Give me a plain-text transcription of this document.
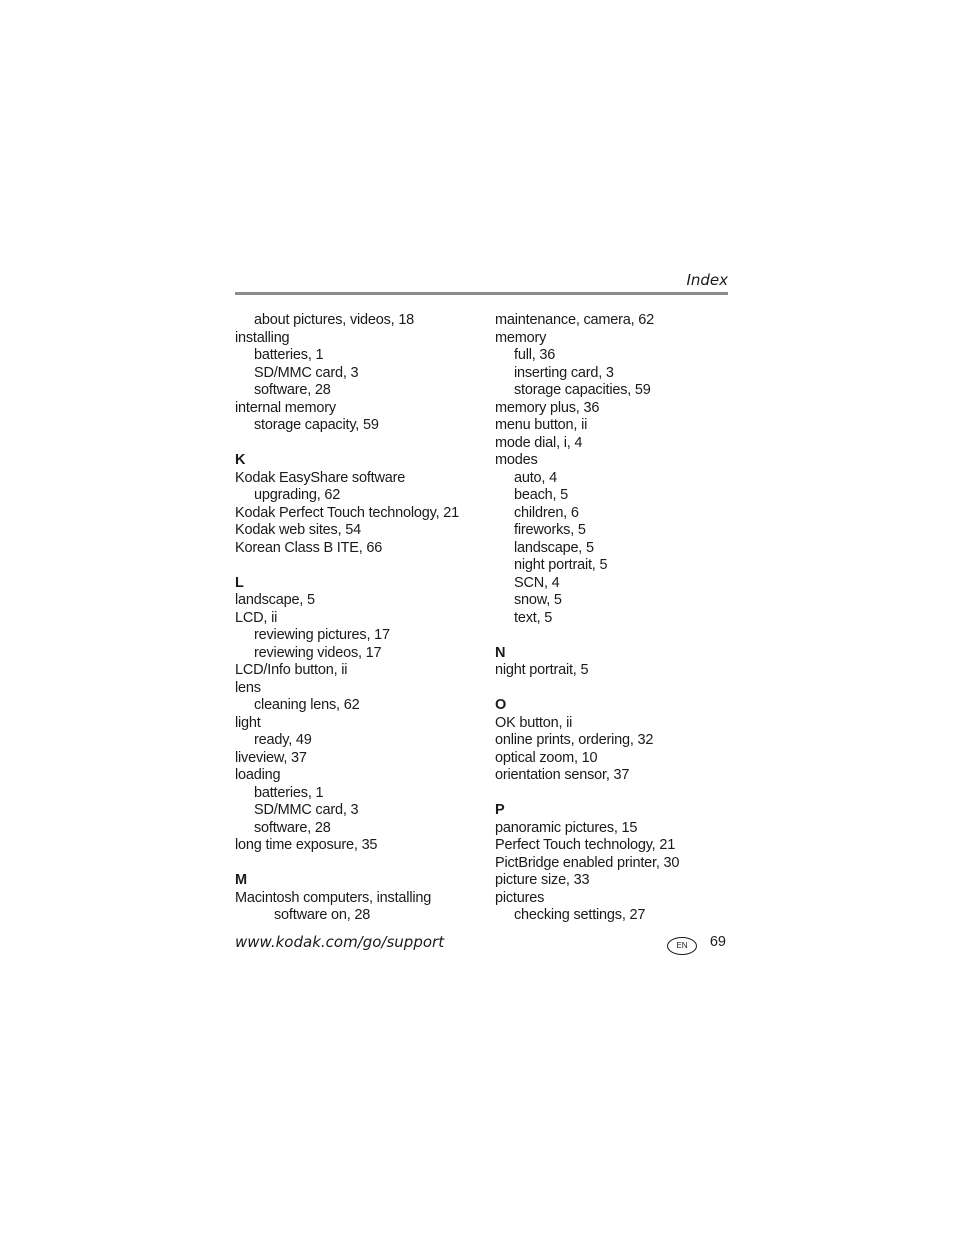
Index
about pictures, videos, 18
installing
batteries, 1
SD/MMC card, 3
software, 28
internal memory
storage capacity, 59
K
Kodak EasyShare software
upgrading, 62
Kodak Perfect Touch technology, 21
Kodak web sites, 54
Korean Class B ITE, 66
L
landscape, 5
LCD, ii
reviewing pictures, 17
reviewing videos, 17
LCD/Info button, ii
lens
cleaning lens, 62
light
ready, 49
liveview, 37
loading
batteries, 1
SD/MMC card, 3
software, 28
long time exposure, 35
M
Macintosh computers, installing
software on, 28
maintenance, camera, 62
memory
full, 36
inserting card, 3
storage capacities, 59
memory plus, 36
menu button, ii
mode dial, i, 4
modes
auto, 4
beach, 5
children, 6
fireworks, 5
landscape, 5
night portrait, 5
SCN, 4
snow, 5
text, 5
N
night portrait, 5
O
OK button, ii
online prints, ordering, 32
optical zoom, 10
orientation sensor, 37
P
panoramic pictures, 15
Perfect Touch technology, 21
PictBridge enabled printer, 30
picture size, 33
pictures
checking settings, 27
www.kodak.com/go/support	EN	69
